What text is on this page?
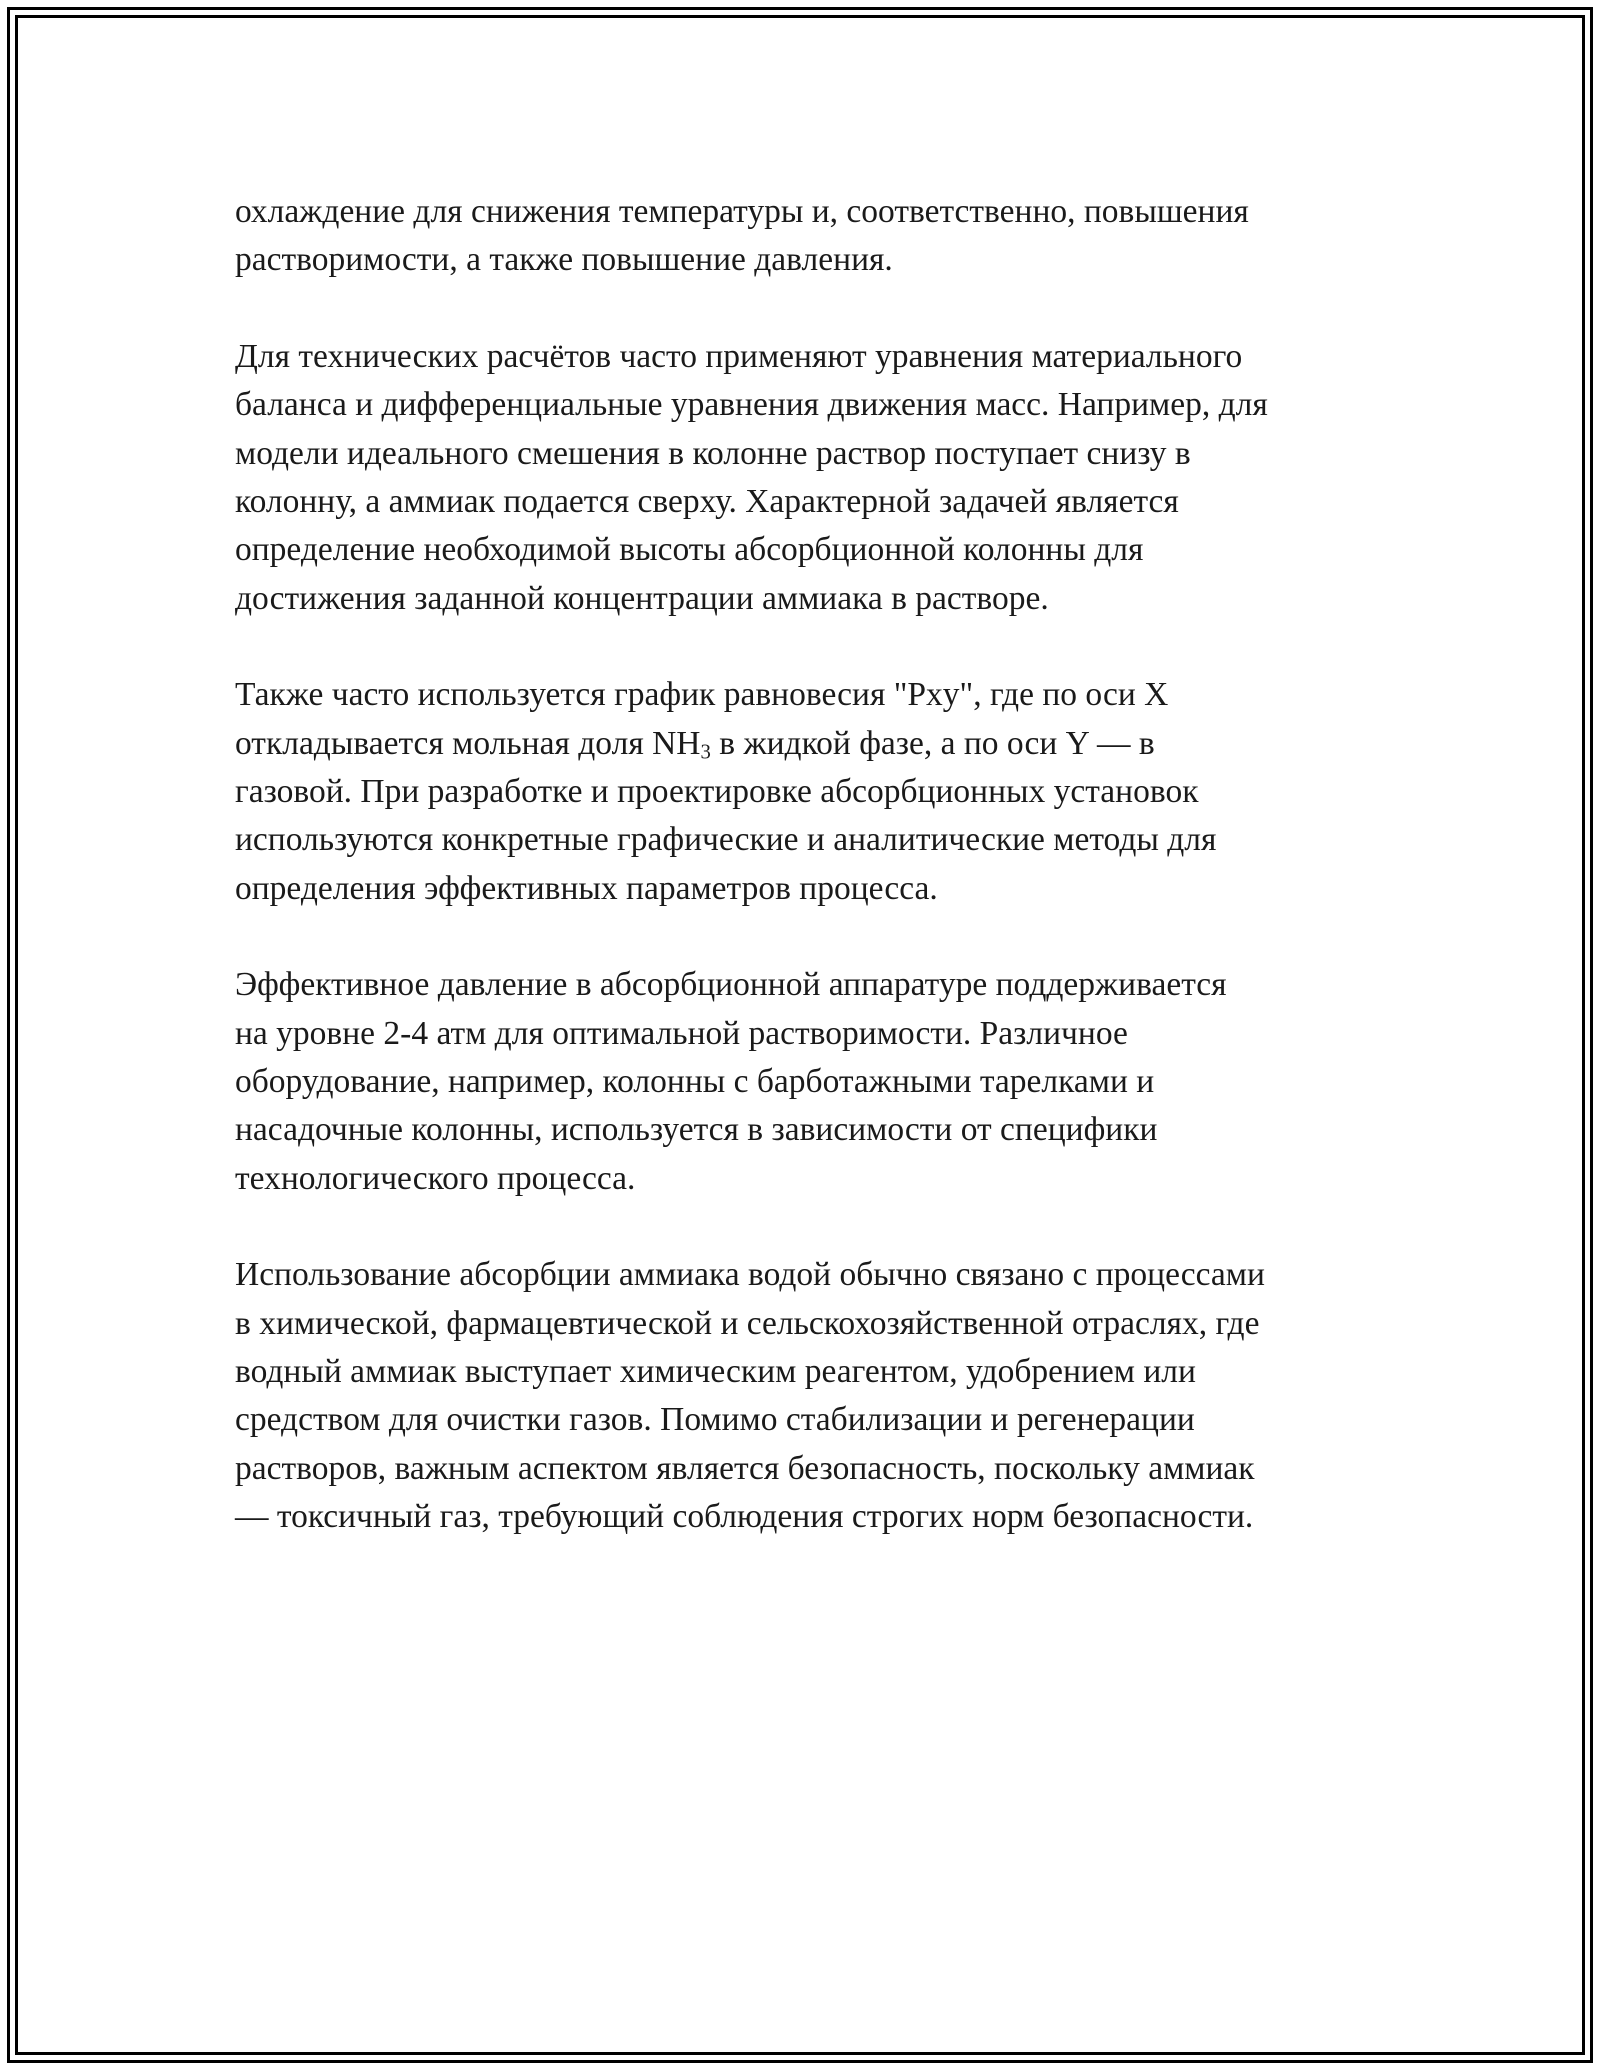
охлаждение для снижения температуры и, соответственно, повышения
растворимости, а также повышение давления.

Для технических расчётов часто применяют уравнения материального
баланса и дифференциальные уравнения движения масс. Например, для
модели идеального смешения в колонне раствор поступает снизу в
колонну, а аммиак подается сверху. Характерной задачей является
определение необходимой высоты абсорбционной колонны для
достижения заданной концентрации аммиака в растворе.

Также часто используется график равновесия "Pxy", где по оси X
откладывается мольная доля $NH_3$ в жидкой фазе, а по оси Y — в
газовой. При разработке и проектировке абсорбционных установок
используются конкретные графические и аналитические методы для
определения эффективных параметров процесса.

Эффективное давление в абсорбционной аппаратуре поддерживается
на уровне 2-4 атм для оптимальной растворимости. Различное
оборудование, например, колонны с барботажными тарелками и
насадочные колонны, используется в зависимости от специфики
технологического процесса.

Использование абсорбции аммиака водой обычно связано с процессами
в химической, фармацевтической и сельскохозяйственной отраслях, где
водный аммиак выступает химическим реагентом, удобрением или
средством для очистки газов. Помимо стабилизации и регенерации
растворов, важным аспектом является безопасность, поскольку аммиак
— токсичный газ, требующий соблюдения строгих норм безопасности.
